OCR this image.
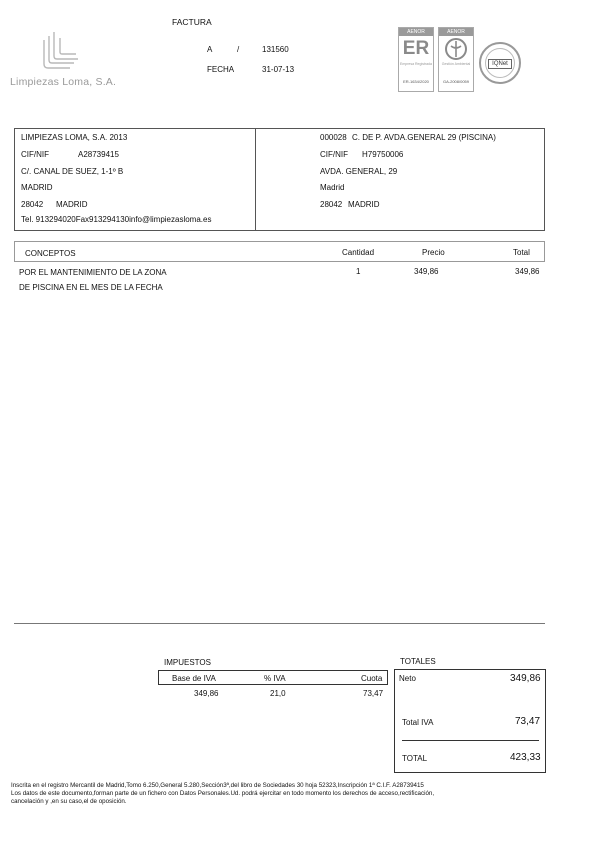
Limpiezas Loma, S.A.
FACTURA
A	/	131560
FECHA	31-07-13
AENOR
ER
Empresa Registrada
ER-1634/2020
AENOR
Gestión Ambiental
GA-2008/0059
IQNet
LIMPIEZAS LOMA, S.A. 2013
CIF/NIF	A28739415
C/. CANAL DE SUEZ, 1-1º B
MADRID
28042 MADRID
Tel. 913294020Fax913294130info@limpiezasloma.es
000028 C. DE P. AVDA.GENERAL 29 (PISCINA)
CIF/NIF H79750006
AVDA. GENERAL, 29
Madrid
28042 MADRID
CONCEPTOS	Cantidad	Precio	Total
POR EL MANTENIMIENTO DE LA ZONA
DE PISCINA EN EL MES DE LA FECHA
1	349,86	349,86
IMPUESTOS
Base de IVA	% IVA	Cuota
349,86	21,0	73,47
TOTALES
Neto	349,86
Total IVA	73,47
TOTAL	423,33
Inscrita en el registro Mercantil de Madrid,Tomo 6.250,General 5.280,Sección3ª,del libro de Sociedades 30 hoja 52323,Inscripción 1ª C.I.F. A28739415
Los datos de este documento,forman parte de un fichero con Datos Personales.Ud. podrá ejercitar en todo momento los derechos de acceso,rectificación,
cancelación y ,en su caso,el de oposición.
